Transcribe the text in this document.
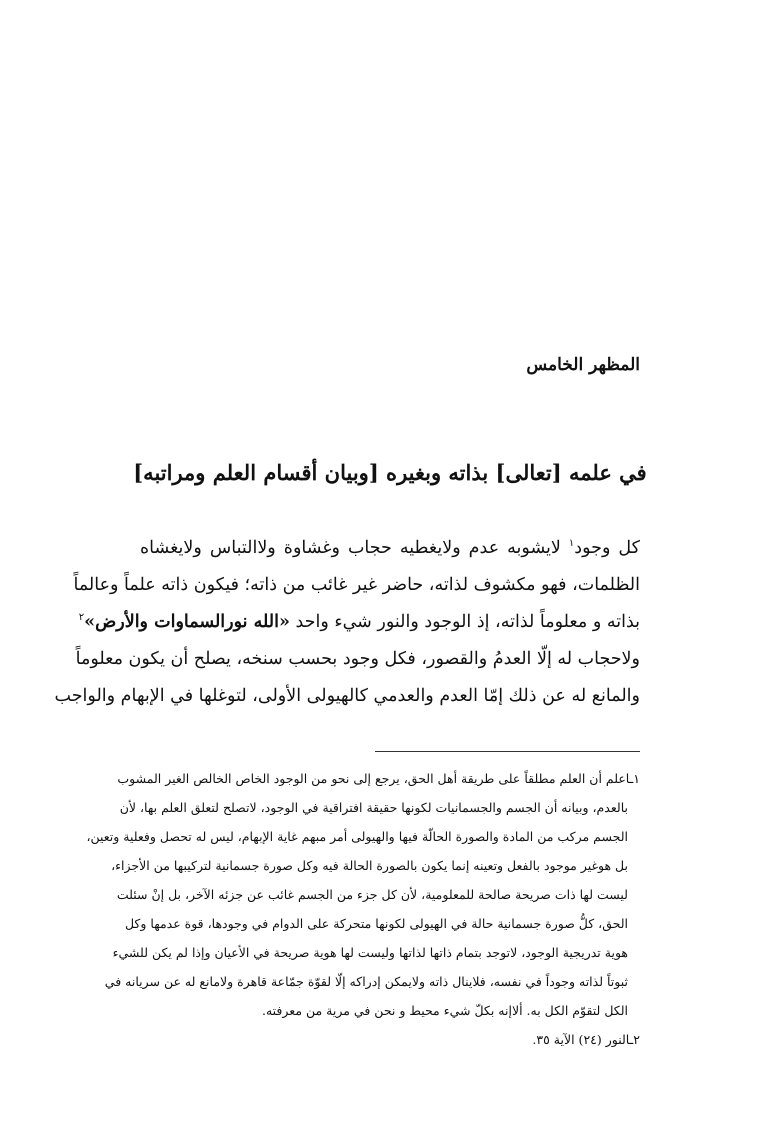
المظهر الخامس
في علمه [تعالى] بذاته وبغيره [وبيان أقسام العلم ومراتبه]
كل وجود$^١$ لايشوبه عدم ولايغطيه حجاب وغشاوة ولاالتباس ولايغشاه
الظلمات، فهو مكشوف لذاته، حاضر غير غائب من ذاته؛ فيكون ذاته علماً وعالماً
بذاته و معلوماً لذاته، إذ الوجود والنور شيء واحد «الله نورالسماوات والأرض»$^٢$
ولاحجاب له إلّا العدمُ والقصور، فكل وجود بحسب سنخه، يصلح أن يكون معلوماً
والمانع له عن ذلك إمّا العدم والعدمي كالهيولى الأولى، لتوغلها في الإبهام والواجب
١ـاعلم أن العلم مطلقاً على طريقة أهل الحق، يرجع إلى نحو من الوجود الخاص الخالص الغير المشوب
بالعدم، وبيانه أن الجسم والجسمانيات لكونها حقيقة افتراقية في الوجود، لاتصلح لتعلق العلم بها، لأن
الجسم مركب من المادة والصورة الحالّة فيها والهيولى أمر مبهم غاية الإبهام، ليس له تحصل وفعلية وتعين،
بل هوغير موجود بالفعل وتعينه إنما يكون بالصورة الحالة فيه وكل صورة جسمانية لتركيبها من الأجزاء،
ليست لها ذات صريحة صالحة للمعلومية، لأن كل جزء من الجسم غائب عن جزئه الآخر، بل إنْ سئلت
الحق، كلُّ صورة جسمانية حالة في الهيولى لكونها متحركة على الدوام في وجودها، قوة عدمها وكل
هوية تدريجية الوجود، لاتوجد بتمام ذاتها لذاتها وليست لها هوية صريحة في الأعيان وإذا لم يكن للشيء
ثبوتاً لذاته وجوداً في نفسه، فلاينال ذاته ولايمكن إدراكه إلّا لقوّة جمّاعة قاهرة ولامانع له عن سريانه في
الكل لتقوّم الكل به. ألاإنه بكلّ شيء محيط و نحن في مرية من معرفته.
٢ـالنور (٢٤) الآية ٣٥.
